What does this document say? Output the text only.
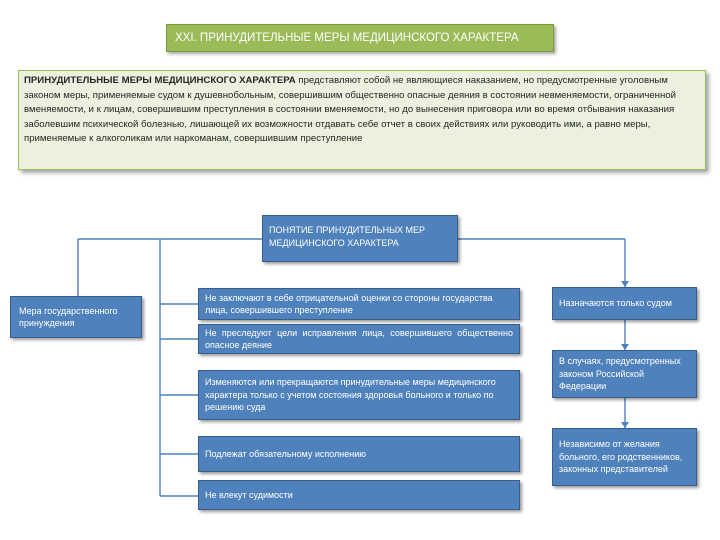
XXI. ПРИНУДИТЕЛЬНЫЕ МЕРЫ МЕДИЦИНСКОГО ХАРАКТЕРА
ПРИНУДИТЕЛЬНЫЕ МЕРЫ МЕДИЦИНСКОГО ХАРАКТЕРА представляют собой не являющиеся наказанием, но предусмотренные уголовным законом меры, применяемые судом к душевнобольным, совершившим общественно опасные деяния в состоянии невменяемости, ограниченной вменяемости, и к лицам, совершившим преступления в состоянии вменяемости, но до вынесения приговора или во время отбывания наказания заболевшим психической болезнью, лишающей их возможности отдавать себе отчет в своих действиях или руководить ими, а равно меры, применяемые к алкоголикам или наркоманам, совершившим преступление
ПОНЯТИЕ ПРИНУДИТЕЛЬНЫХ МЕР МЕДИЦИНСКОГО ХАРАКТЕРА
Мера государственного принуждения
Не заключают в себе отрицательной оценки со стороны государства лица, совершившего преступление
Не преследуют цели исправления лица, совершившего общественно опасное деяние
Изменяются или прекращаются принудительные меры медицинского характера только с учетом состояния здоровья больного и только по решению суда
Подлежат обязательному исполнению
Не влекут судимости
Назначаются только судом
В случаях, предусмотренных законом Российской Федерации
Независимо от желания больного, его родственников, законных представителей
